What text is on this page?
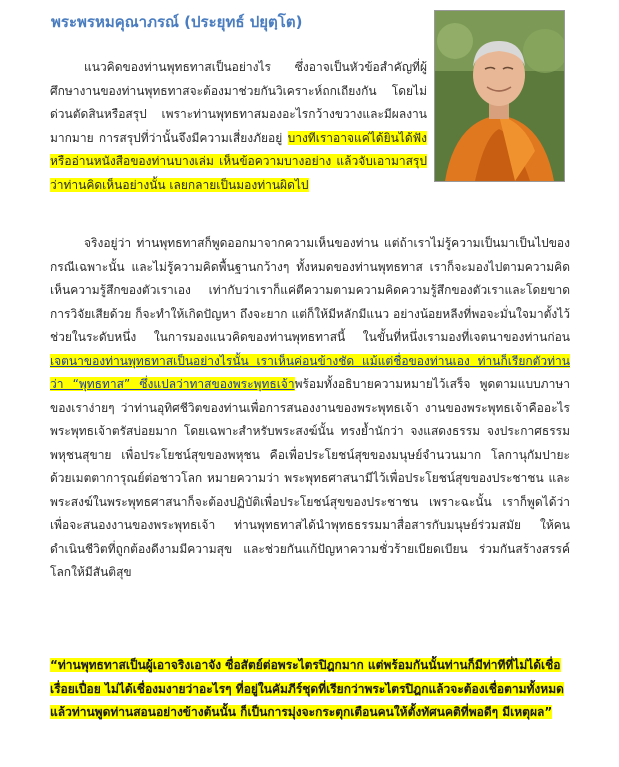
พระพรหมคุณาภรณ์ (ประยุทธ์ ปยุตฺโต)

แนวคิดของท่านพุทธทาสเป็นอย่างไร ซึ่งอาจเป็นหัวข้อสำคัญที่ผู้ศึกษางานของท่านพุทธทาสจะต้องมาช่วยกันวิเคราะห์ถกเถียงกัน โดยไม่ด่วนตัดสินหรือสรุป เพราะท่านพุทธทาสมองอะไรกว้างขวางและมีผลงานมากมาย การสรุปที่ว่านั้นจึงมีความเสี่ยงภัยอยู่ บางทีเราอาจแค่ได้ยินได้ฟังหรืออ่านหนังสือของท่านบางเล่ม เห็นข้อความบางอย่าง แล้วจับเอามาสรุปว่าท่านคิดเห็นอย่างนั้น เลยกลายเป็นมองท่านผิดไป

จริงอยู่ว่า ท่านพุทธทาสก็พูดออกมาจากความเห็นของท่าน แต่ถ้าเราไม่รู้ความเป็นมาเป็นไปของกรณีเฉพาะนั้น และไม่รู้ความคิดพื้นฐานกว้างๆ ทั้งหมดของท่านพุทธทาส เราก็จะมองไปตามความคิดเห็นความรู้สึกของตัวเราเอง เท่ากับว่าเราก็แค่ตีความตามความคิดความรู้สึกของตัวเราและโดยขาดการวิจัยเสียด้วย ก็จะทำให้เกิดปัญหา ถึงจะยาก แต่ก็ให้มีหลักมีแนว อย่างน้อยหลีงที่พอจะมั่นใจมาตั้งไว้ช่วยในระดับหนึ่ง ในการมองแนวคิดของท่านพุทธทาสนี้ ในขั้นที่หนึ่งเรามองที่เจตนาของท่านก่อน เจตนาของท่านพุทธทาสเป็นอย่างไรนั้น เราเห็นค่อนข้างชัด แม้แต่ชื่อของท่านเอง ท่านก็เรียกตัวท่านว่า “พุทธทาส” ซึ่งแปลว่าทาสของพระพุทธเจ้าพร้อมทั้งอธิบายความหมายไว้เสร็จ พูดตามแบบภาษาของเราง่ายๆ ว่าท่านอุทิศชีวิตของท่านเพื่อการสนองงานของพระพุทธเจ้า งานของพระพุทธเจ้าคืออะไร พระพุทธเจ้าตรัสบ่อยมาก โดยเฉพาะสำหรับพระสงฆ์นั้น ทรงย้ำนักว่า จงแสดงธรรม จงประกาศธรรม พหุชนสุขาย เพื่อประโยชน์สุขของพหุชน คือเพื่อประโยชน์สุขของมนุษย์จำนวนมาก โลกานุกัมปายะ ด้วยเมตตาการุณย์ต่อชาวโลก หมายความว่า พระพุทธศาสนามีไว้เพื่อประโยชน์สุขของประชาชน และพระสงฆ์ในพระพุทธศาสนาก็จะต้องปฏิบัติเพื่อประโยชน์สุขของประชาชน เพราะฉะนั้น เราก็พูดได้ว่า เพื่อจะสนองงานของพระพุทธเจ้า ท่านพุทธทาสได้นำพุทธธรรมมาสื่อสารกับมนุษย์ร่วมสมัย ให้คนดำเนินชีวิตที่ถูกต้องดีงามมีความสุข และช่วยกันแก้ปัญหาความชั่วร้ายเบียดเบียน ร่วมกันสร้างสรรค์โลกให้มีสันติสุข

“ท่านพุทธทาสเป็นผู้เอาจริงเอาจัง ซื่อสัตย์ต่อพระไตรปิฎกมาก แต่พร้อมกันนั้นท่านก็มีท่าทีที่ไม่ได้เชื่อเรื่อยเปื่อย ไม่ได้เชื่องมงายว่าอะไรๆ ที่อยู่ในคัมภีร์ชุดที่เรียกว่าพระไตรปิฎกแล้วจะต้องเชื่อตามทั้งหมด แล้วท่านพูดท่านสอนอย่างข้างต้นนั้น ก็เป็นการมุ่งจะกระตุกเตือนคนให้ตั้งทัศนคติที่พอดีๆ มีเหตุผล”
